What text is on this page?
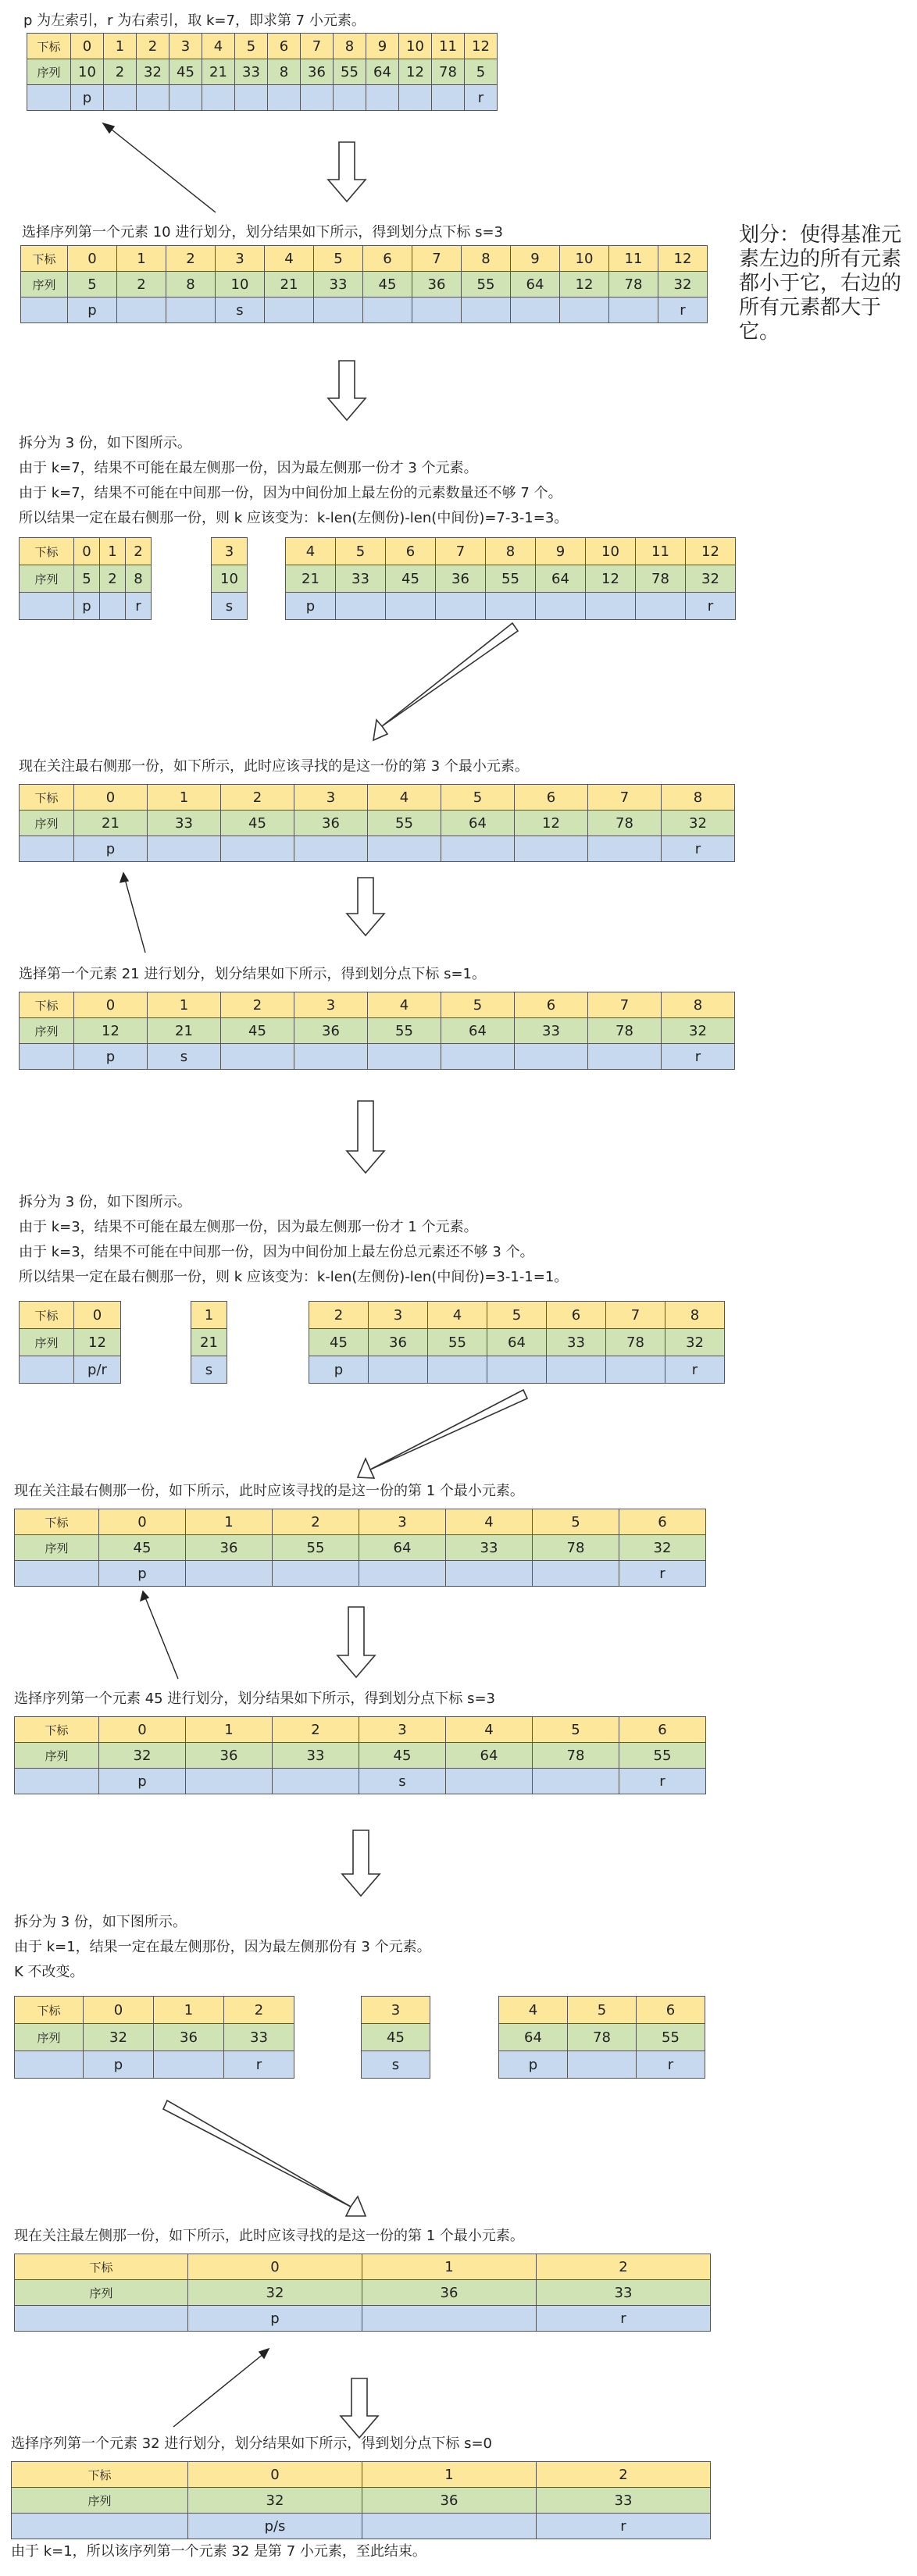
p 为左索引，r 为右索引，取 k=7，即求第 7 小元素。
选择序列第一个元素 10 进行划分，划分结果如下所示，得到划分点下标 s=3	划分：使得基准元素左边的所有元素都小于它，右边的所有元素都大于它。
拆分为 3 份，如下图所示。
由于 k=7，结果不可能在最左侧那一份，因为最左侧那一份才 3 个元素。
由于 k=7，结果不可能在中间那一份，因为中间份加上最左份的元素数量还不够 7 个。
所以结果一定在最右侧那一份，则 k 应该变为：k-len(左侧份)-len(中间份)=7-3-1=3。
现在关注最右侧那一份，如下所示，此时应该寻找的是这一份的第 3 个最小元素。
选择第一个元素 21 进行划分，划分结果如下所示，得到划分点下标 s=1。
拆分为 3 份，如下图所示。
由于 k=3，结果不可能在最左侧那一份，因为最左侧那一份才 1 个元素。
由于 k=3，结果不可能在中间那一份，因为中间份加上最左份总元素还不够 3 个。
所以结果一定在最右侧那一份，则 k 应该变为：k-len(左侧份)-len(中间份)=3-1-1=1。
现在关注最右侧那一份，如下所示，此时应该寻找的是这一份的第 1 个最小元素。
选择序列第一个元素 45 进行划分，划分结果如下所示，得到划分点下标 s=3
拆分为 3 份，如下图所示。
由于 k=1，结果一定在最左侧那份，因为最左侧那份有 3 个元素。
K 不改变。
现在关注最左侧那一份，如下所示，此时应该寻找的是这一份的第 1 个最小元素。
选择序列第一个元素 32 进行划分，划分结果如下所示，得到划分点下标 s=0
由于 k=1，所以该序列第一个元素 32 是第 7 小元素，至此结束。
下标	0	1	2	3	4	5	6	7	8	9	10	11	12
序列	10	2	32	45	21	33	8	36	55	64	12	78	5
	p												r
下标	0	1	2	3	4	5	6	7	8	9	10	11	12
序列	5	2	8	10	21	33	45	36	55	64	12	78	32
	p			s									r
下标	0	1	2
序列	5	2	8
	p		r
3
10
s
4	5	6	7	8	9	10	11	12
21	33	45	36	55	64	12	78	32
p								r
下标	0	1	2	3	4	5	6	7	8
序列	21	33	45	36	55	64	12	78	32
	p								r
下标	0	1	2	3	4	5	6	7	8
序列	12	21	45	36	55	64	33	78	32
	p	s							r
下标	0
序列	12
	p/r
1
21
s
2	3	4	5	6	7	8
45	36	55	64	33	78	32
p						r
下标	0	1	2	3	4	5	6
序列	45	36	55	64	33	78	32
	p						r
下标	0	1	2	3	4	5	6
序列	32	36	33	45	64	78	55
	p			s			r
下标	0	1	2
序列	32	36	33
	p		r
3
45
s
4	5	6
64	78	55
p		r
下标	0	1	2
序列	32	36	33
	p		r
下标	0	1	2
序列	32	36	33
	p/s		r
